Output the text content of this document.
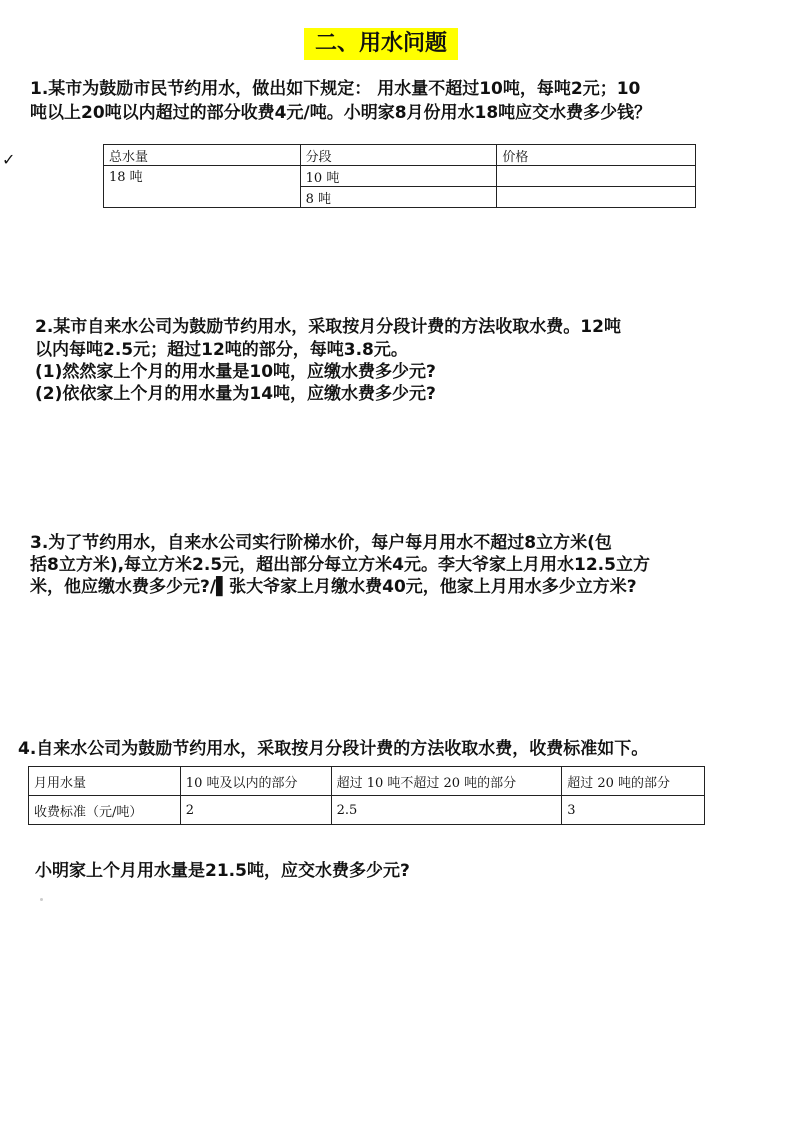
二、用水问题
1.某市为鼓励市民节约用水，做出如下规定： 用水量不超过10吨，每吨2元；10
吨以上20吨以内超过的部分收费4元/吨。小明家8月份用水18吨应交水费多少钱？
✓	总水量	分段	价格
18 吨	10 吨	
	8 吨	
2.某市自来水公司为鼓励节约用水，采取按月分段计费的方法收取水费。12吨
以内每吨2.5元；超过12吨的部分，每吨3.8元。
(1)然然家上个月的用水量是10吨，应缴水费多少元?
(2)依依家上个月的用水量为14吨，应缴水费多少元?
3.为了节约用水，自来水公司实行阶梯水价，每户每月用水不超过8立方米(包
括8立方米),每立方米2.5元，超出部分每立方米4元。李大爷家上月用水12.5立方
米，他应缴水费多少元?/▌张大爷家上月缴水费40元，他家上月用水多少立方米?
4.自来水公司为鼓励节约用水，采取按月分段计费的方法收取水费，收费标准如下。
月用水量	10 吨及以内的部分	超过 10 吨不超过 20 吨的部分	超过 20 吨的部分
收费标准（元/吨）	2	2.5	3
小明家上个月用水量是21.5吨，应交水费多少元?
